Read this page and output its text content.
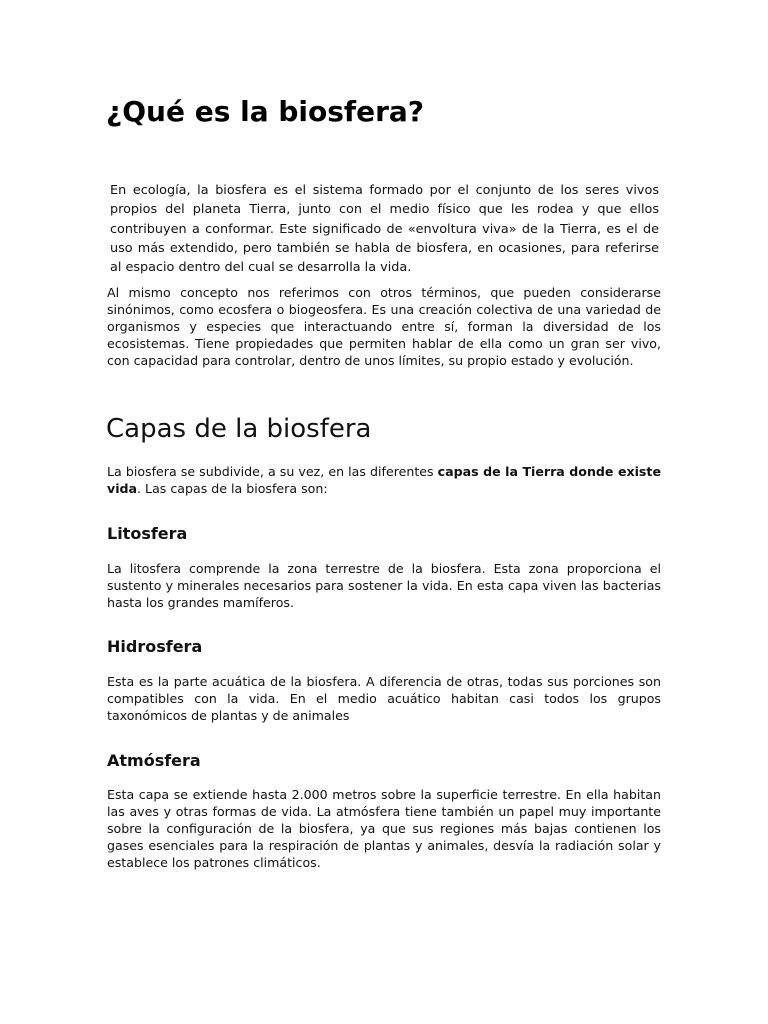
¿Qué es la biosfera?

En ecología, la biosfera es el sistema formado por el conjunto de los seres vivos propios del planeta Tierra, junto con el medio físico que les rodea y que ellos contribuyen a conformar. Este significado de «envoltura viva» de la Tierra, es el de uso más extendido, pero también se habla de biosfera, en ocasiones, para referirse al espacio dentro del cual se desarrolla la vida.

Al mismo concepto nos referimos con otros términos, que pueden considerarse sinónimos, como ecosfera o biogeosfera. Es una creación colectiva de una variedad de organismos y especies que interactuando entre sí, forman la diversidad de los ecosistemas. Tiene propiedades que permiten hablar de ella como un gran ser vivo, con capacidad para controlar, dentro de unos límites, su propio estado y evolución.

Capas de la biosfera

La biosfera se subdivide, a su vez, en las diferentes capas de la Tierra donde existe vida. Las capas de la biosfera son:

Litosfera

La litosfera comprende la zona terrestre de la biosfera. Esta zona proporciona el sustento y minerales necesarios para sostener la vida. En esta capa viven las bacterias hasta los grandes mamíferos.

Hidrosfera

Esta es la parte acuática de la biosfera. A diferencia de otras, todas sus porciones son compatibles con la vida. En el medio acuático habitan casi todos los grupos taxonómicos de plantas y de animales

Atmósfera

Esta capa se extiende hasta 2.000 metros sobre la superficie terrestre. En ella habitan las aves y otras formas de vida. La atmósfera tiene también un papel muy importante sobre la configuración de la biosfera, ya que sus regiones más bajas contienen los gases esenciales para la respiración de plantas y animales, desvía la radiación solar y establece los patrones climáticos.
